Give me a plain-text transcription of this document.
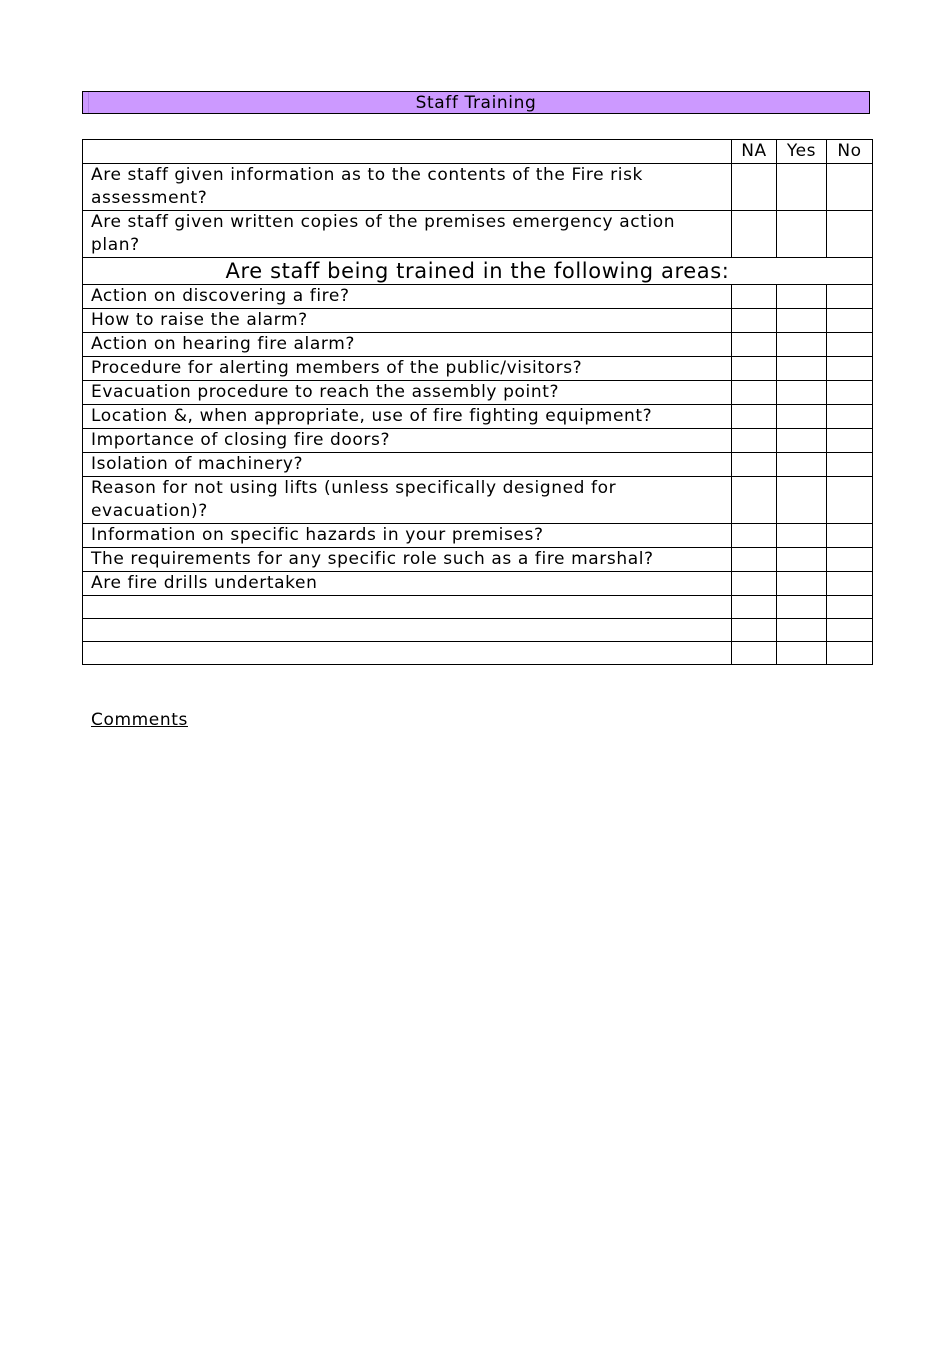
Staff Training
	NA	Yes	No
Are staff given information as to the contents of the Fire risk assessment?			
Are staff given written copies of the premises emergency action plan?			
Are staff being trained in the following areas:			
Action on discovering a fire?			
How to raise the alarm?			
Action on hearing fire alarm?			
Procedure for alerting members of the public/visitors?			
Evacuation procedure to reach the assembly point?			
Location &, when appropriate, use of fire fighting equipment?			
Importance of closing fire doors?			
Isolation of machinery?			
Reason for not using lifts (unless specifically designed for evacuation)?			
Information on specific hazards in your premises?			
The requirements for any specific role such as a fire marshal?			
Are fire drills undertaken			

Comments
